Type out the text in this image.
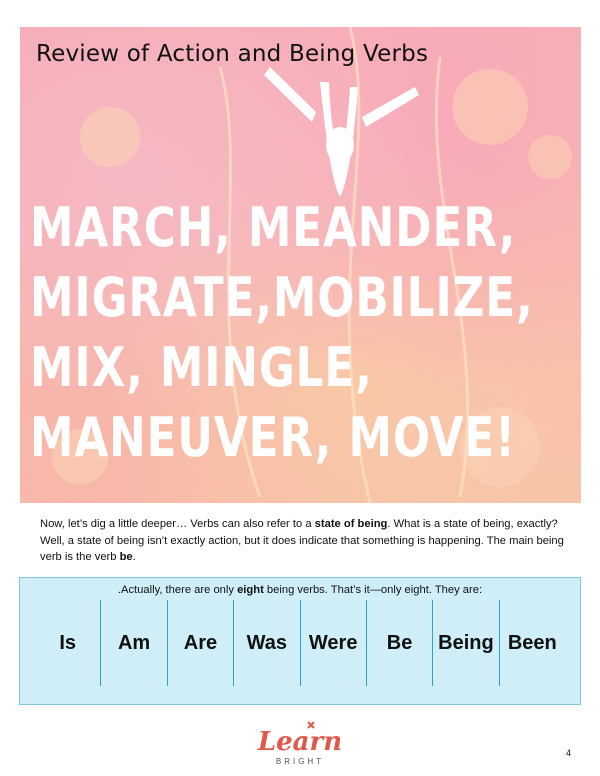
Review of Action and Being Verbs
MARCH, MEANDER,
MIGRATE,MOBILIZE,
MIX, MINGLE,
MANEUVER, MOVE!

Now, let’s dig a little deeper… Verbs can also refer to a state of being. What is a state of being, exactly? Well, a state of being isn’t exactly action, but it does indicate that something is happening. The main being verb is the verb be.

.Actually, there are only eight being verbs. That’s it—only eight. They are:
Is	Am	Are	Was	Were	Be	Being Been
Learn
BRIGHT
4
